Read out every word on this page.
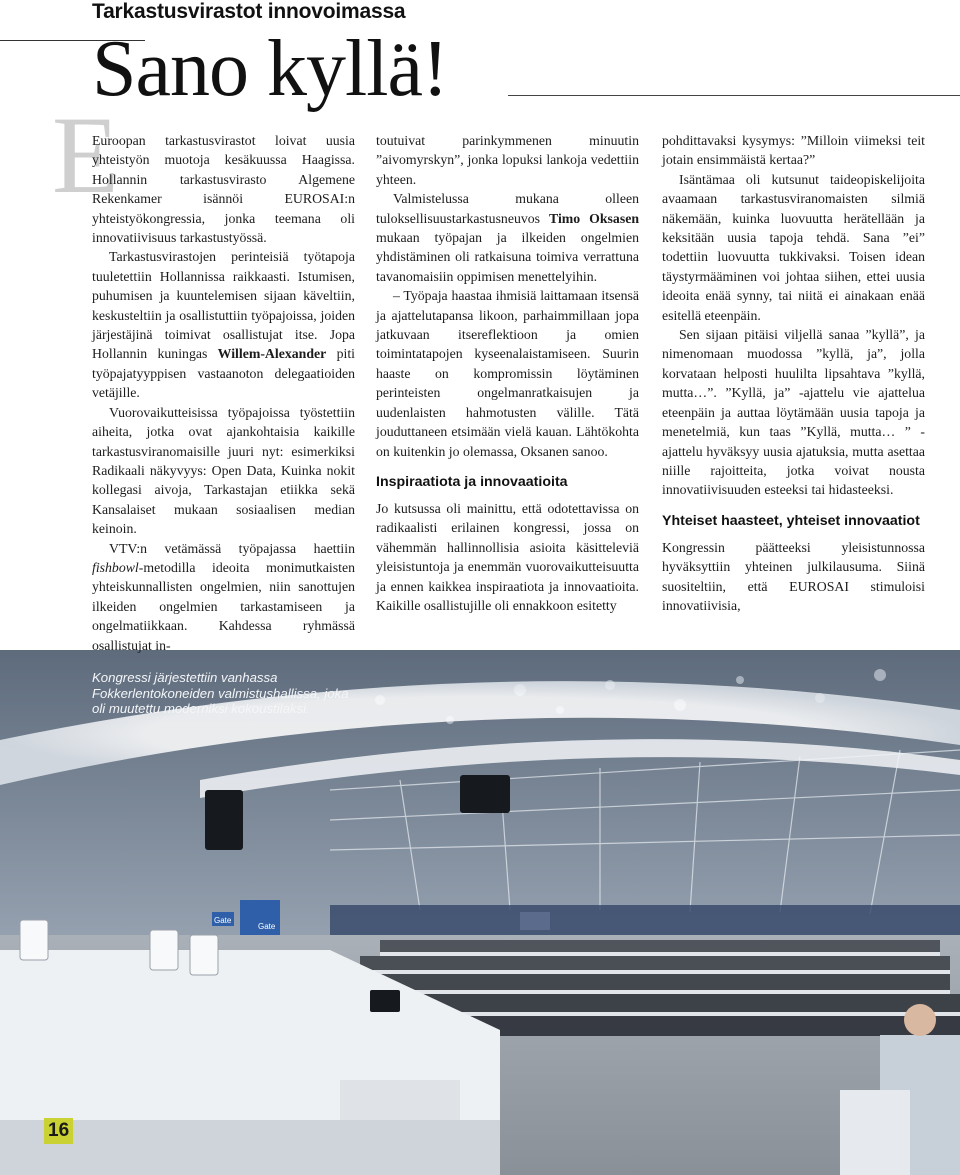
Tarkastusvirastot innovoimassa
Sano kyllä!
E

Euroopan tarkastusvirastot loivat uusia yhteistyön muotoja kesäkuussa Haagissa. Hollannin tarkastusvirasto Algemene Rekenkamer isännöi EUROSAI:n yhteistyökongressia, jonka teemana oli innovatiivisuus tarkastustyössä.

Tarkastusvirastojen perinteisiä työtapoja tuuletettiin Hollannissa raikkaasti. Istumisen, puhumisen ja kuuntelemisen sijaan käveltiin, keskusteltiin ja osallistuttiin työpajoissa, joiden järjestäjinä toimivat osallistujat itse. Jopa Hollannin kuningas Willem-Alexander piti työpajatyyppisen vastaanoton delegaatioiden vetäjille.

Vuorovaikutteisissa työpajoissa työstettiin aiheita, jotka ovat ajankohtaisia kaikille tarkastusviranomaisille juuri nyt: esimerkiksi Radikaali näkyvyys: Open Data, Kuinka nokit kollegasi aivoja, Tarkastajan etiikka sekä Kansalaiset mukaan sosiaalisen median keinoin.

VTV:n vetämässä työpajassa haettiin fishbowl-metodilla ideoita monimutkaisten yhteiskunnallisten ongelmien, niin sanottujen ilkeiden ongelmien tarkastamiseen ja ongelmatiikkaan. Kahdessa ryhmässä osallistujat in-

toutuivat parinkymmenen minuutin ”aivomyrskyn”, jonka lopuksi lankoja vedettiin yhteen.

Valmistelussa mukana olleen tuloksellisuustarkastusneuvos Timo Oksasen mukaan työpajan ja ilkeiden ongelmien yhdistäminen oli ratkaisuna toimiva verrattuna tavanomaisiin oppimisen menettelyihin.

– Työpaja haastaa ihmisiä laittamaan itsensä ja ajattelutapansa likoon, parhaimmillaan jopa jatkuvaan itsereflektioon ja omien toimintatapojen kyseenalaistamiseen. Suurin haaste on kompromissin löytäminen perinteisten ongelmanratkaisujen ja uudenlaisten hahmotusten välille. Tätä jouduttaneen etsimään vielä kauan. Lähtökohta on kuitenkin jo olemassa, Oksanen sanoo.

Inspiraatiota ja innovaatioita

Jo kutsussa oli mainittu, että odotettavissa on radikaalisti erilainen kongressi, jossa on vähemmän hallinnollisia asioita käsitteleviä yleisistuntoja ja enemmän vuorovaikutteisuutta ja ennen kaikkea inspiraatiota ja innovaatioita. Kaikille osallistujille oli ennakkoon esitetty

pohdittavaksi kysymys: ”Milloin viimeksi teit jotain ensimmäistä kertaa?”

Isäntämaa oli kutsunut taideopiskelijoita avaamaan tarkastusviranomaisten silmiä näkemään, kuinka luovuutta herätellään ja keksitään uusia tapoja tehdä. Sana ”ei” todettiin luovuutta tukkivaksi. Toisen idean täystyrmääminen voi johtaa siihen, ettei uusia ideoita enää synny, tai niitä ei ainakaan enää esitellä eteenpäin.

Sen sijaan pitäisi viljellä sanaa ”kyllä”, ja nimenomaan muodossa ”kyllä, ja”, jolla korvataan helposti huulilta lipsahtava ”kyllä, mutta…”. ”Kyllä, ja” -ajattelu vie ajattelua eteenpäin ja auttaa löytämään uusia tapoja ja menetelmiä, kun taas ”Kyllä, mutta… ” -ajattelu hyväksyy uusia ajatuksia, mutta asettaa niille rajoitteita, jotka voivat nousta innovatiivisuuden esteeksi tai hidasteeksi.

Yhteiset haasteet, yhteiset innovaatiot

Kongressin päätteeksi yleisistunnossa hyväksyttiin yhteinen julkilausuma. Siinä suositeltiin, että EUROSAI stimuloisi innovatiivisia,

Gate
Gate
Kongressi järjestettiin vanhassa Fokkerlentokoneiden valmistushallissa, joka oli muutettu moderniksi kokoustilaksi.
16
